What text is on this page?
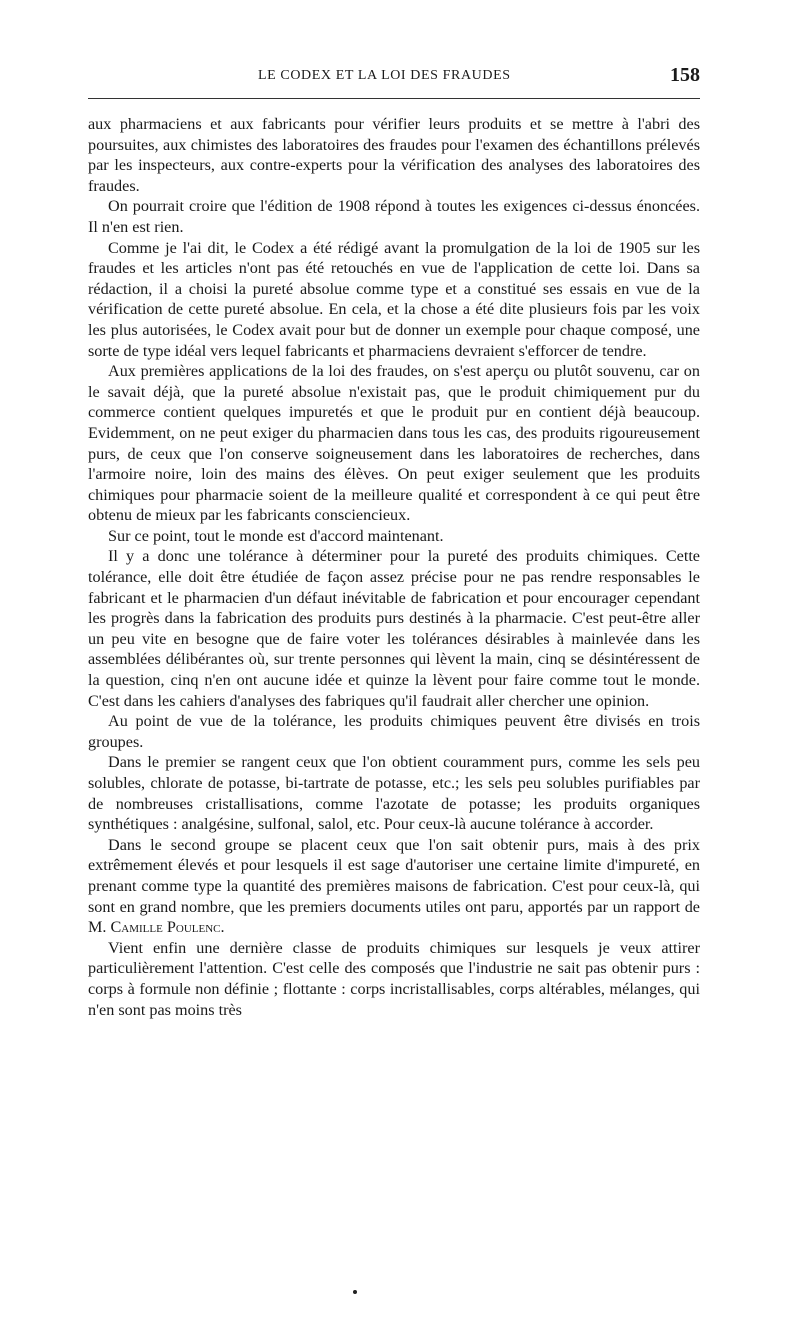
LE CODEX ET LA LOI DES FRAUDES	158

aux pharmaciens et aux fabricants pour vérifier leurs produits et se mettre à l'abri des poursuites, aux chimistes des laboratoires des fraudes pour l'examen des échantillons prélevés par les inspecteurs, aux contre-experts pour la vérification des analyses des laboratoires des fraudes.

On pourrait croire que l'édition de 1908 répond à toutes les exigences ci-dessus énoncées. Il n'en est rien.

Comme je l'ai dit, le Codex a été rédigé avant la promulgation de la loi de 1905 sur les fraudes et les articles n'ont pas été retouchés en vue de l'application de cette loi. Dans sa rédaction, il a choisi la pureté absolue comme type et a constitué ses essais en vue de la vérification de cette pureté absolue. En cela, et la chose a été dite plusieurs fois par les voix les plus autorisées, le Codex avait pour but de donner un exemple pour chaque composé, une sorte de type idéal vers lequel fabricants et pharmaciens devraient s'efforcer de tendre.

Aux premières applications de la loi des fraudes, on s'est aperçu ou plutôt souvenu, car on le savait déjà, que la pureté absolue n'existait pas, que le produit chimiquement pur du commerce contient quelques impuretés et que le produit pur en contient déjà beaucoup. Evidemment, on ne peut exiger du pharmacien dans tous les cas, des produits rigoureusement purs, de ceux que l'on conserve soigneusement dans les laboratoires de recherches, dans l'armoire noire, loin des mains des élèves. On peut exiger seulement que les produits chimiques pour pharmacie soient de la meilleure qualité et correspondent à ce qui peut être obtenu de mieux par les fabricants consciencieux.

Sur ce point, tout le monde est d'accord maintenant.

Il y a donc une tolérance à déterminer pour la pureté des produits chimiques. Cette tolérance, elle doit être étudiée de façon assez précise pour ne pas rendre responsables le fabricant et le pharmacien d'un défaut inévitable de fabrication et pour encourager cependant les progrès dans la fabrication des produits purs destinés à la pharmacie. C'est peut-être aller un peu vite en besogne que de faire voter les tolérances désirables à mainlevée dans les assemblées délibérantes où, sur trente personnes qui lèvent la main, cinq se désintéressent de la question, cinq n'en ont aucune idée et quinze la lèvent pour faire comme tout le monde. C'est dans les cahiers d'analyses des fabriques qu'il faudrait aller chercher une opinion.

Au point de vue de la tolérance, les produits chimiques peuvent être divisés en trois groupes.

Dans le premier se rangent ceux que l'on obtient couramment purs, comme les sels peu solubles, chlorate de potasse, bi-tartrate de potasse, etc.; les sels peu solubles purifiables par de nombreuses cristallisations, comme l'azotate de potasse; les produits organiques synthétiques : analgésine, sulfonal, salol, etc. Pour ceux-là aucune tolérance à accorder.

Dans le second groupe se placent ceux que l'on sait obtenir purs, mais à des prix extrêmement élevés et pour lesquels il est sage d'autoriser une certaine limite d'impureté, en prenant comme type la quantité des premières maisons de fabrication. C'est pour ceux-là, qui sont en grand nombre, que les premiers documents utiles ont paru, apportés par un rapport de M. Camille Poulenc.

Vient enfin une dernière classe de produits chimiques sur lesquels je veux attirer particulièrement l'attention. C'est celle des composés que l'industrie ne sait pas obtenir purs : corps à formule non définie ; flottante : corps incristallisables, corps altérables, mélanges, qui n'en sont pas moins très
